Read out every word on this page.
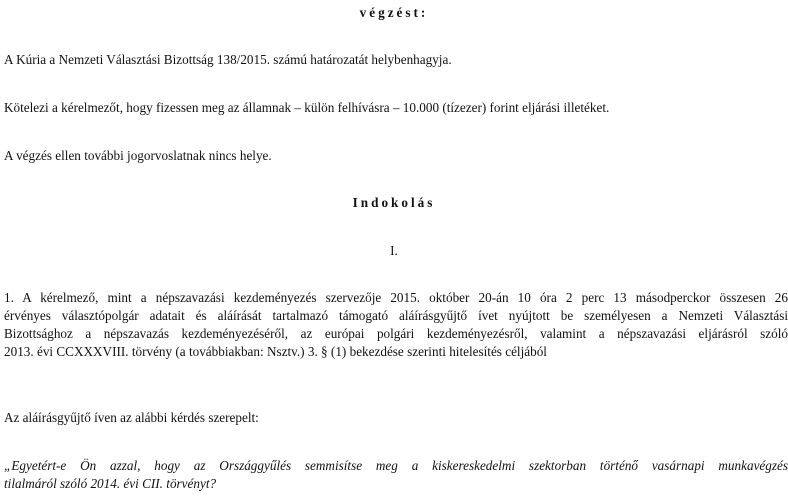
végzést:
A Kúria a Nemzeti Választási Bizottság 138/2015. számú határozatát helybenhagyja.
Kötelezi a kérelmezőt, hogy fizessen meg az államnak – külön felhívásra – 10.000 (tízezer) forint eljárási illetéket.
A végzés ellen további jogorvoslatnak nincs helye.
Indokolás
I.
1. A kérelmező, mint a népszavazási kezdeményezés szervezője 2015. október 20-án 10 óra 2 perc 13 másodperckor összesen 26
érvényes választópolgár adatait és aláírását tartalmazó támogató aláírásgyűjtő ívet nyújtott be személyesen a Nemzeti Választási
Bizottsághoz a népszavazás kezdeményezéséről, az európai polgári kezdeményezésről, valamint a népszavazási eljárásról szóló
2013. évi CCXXXVIII. törvény (a továbbiakban: Nsztv.) 3. § (1) bekezdése szerinti hitelesítés céljából
Az aláírásgyűjtő íven az alábbi kérdés szerepelt:
„Egyetért-e Ön azzal, hogy az Országgyűlés semmisítse meg a kiskereskedelmi szektorban történő vasárnapi munkavégzés
tilalmáról szóló 2014. évi CII. törvényt?
